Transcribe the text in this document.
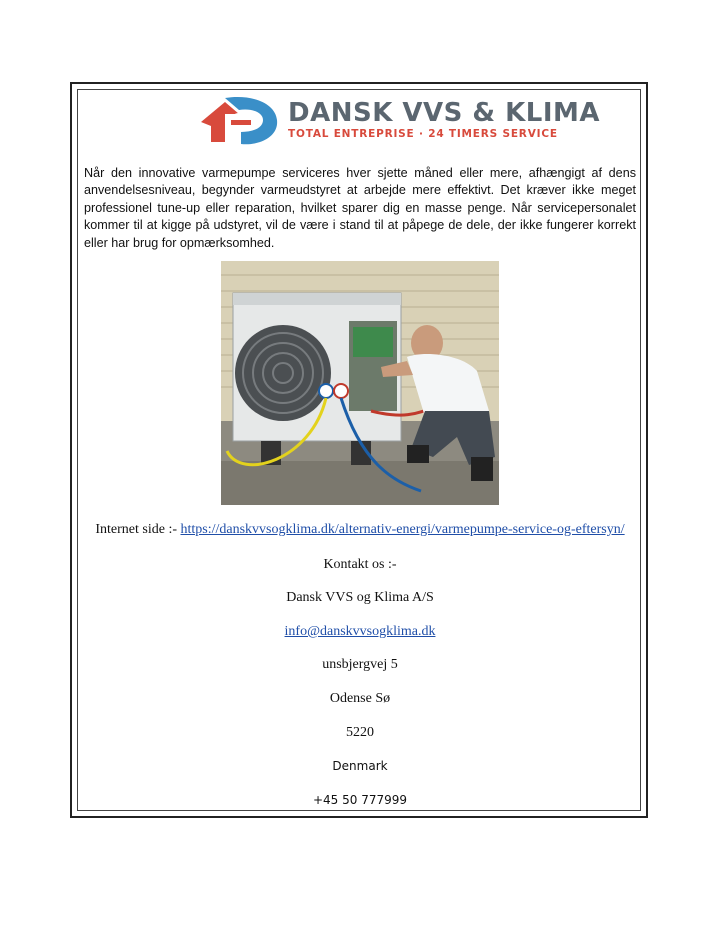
DANSK VVS & KLIMA
TOTAL ENTREPRISE · 24 TIMERS SERVICE

Når den innovative varmepumpe serviceres hver sjette måned eller mere, afhængigt af dens anvendelsesniveau, begynder varmeudstyret at arbejde mere effektivt. Det kræver ikke meget professionel tune-up eller reparation, hvilket sparer dig en masse penge. Når servicepersonalet kommer til at kigge på udstyret, vil de være i stand til at påpege de dele, der ikke fungerer korrekt eller har brug for opmærksomhed.

Internet side :- https://danskvvsogklima.dk/alternativ-energi/varmepumpe-service-og-eftersyn/
Kontakt os :-
Dansk VVS og Klima A/S
info@danskvvsogklima.dk
unsbjergvej 5
Odense Sø
5220
Denmark
+45 50 777999
